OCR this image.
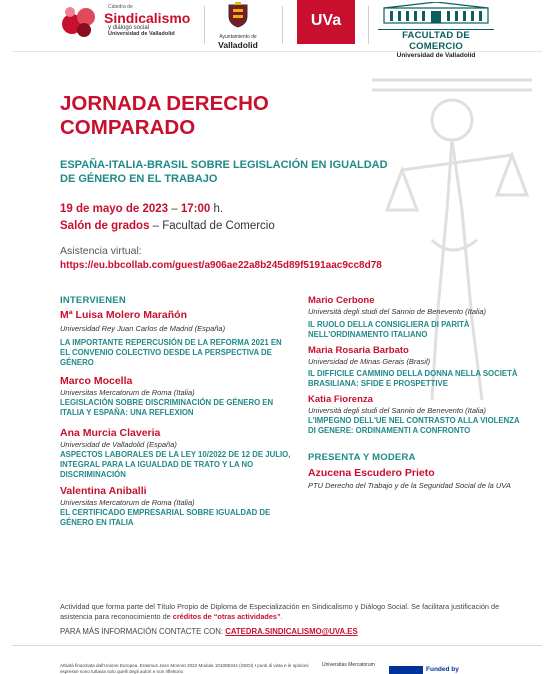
Cátedra de
Sindicalismo
y diálogo social
Universidad de Valladolid	Ayuntamiento de
Valladolid
UVa
FACULTAD DE COMERCIO
Universidad de Valladolid
JORNADA DERECHO COMPARADO
ESPAÑA-ITALIA-BRASIL SOBRE LEGISLACIÓN EN IGUALDAD DE GÉNERO EN EL TRABAJO
19 de mayo de 2023 – 17:00 h.
Salón de grados – Facultad de Comercio
Asistencia virtual:
https://eu.bbcollab.com/guest/a906ae22a8b245d89f5191aac9cc8d78
INTERVIENEN
Mª Luisa Molero Marañón
Universidad Rey Juan Carlos de Madrid (España)
LA IMPORTANTE REPERCUSIÓN DE LA REFORMA 2021 EN EL CONVENIO COLECTIVO DESDE LA PERSPECTIVA DE GÉNERO
Marco Mocella
Universitas Mercatorum de Roma (Italia)
LEGISLACIÓN SOBRE DISCRIMINACIÓN DE GÉNERO EN ITALIA Y ESPAÑA: UNA REFLEXION
Ana Murcia Claveria
Universidad de Valladolid (España)
ASPECTOS LABORALES DE LA LEY 10/2022 DE 12 DE JULIO, INTEGRAL PARA LA IGUALDAD DE TRATO Y LA NO DISCRIMINACIÓN
Valentina Aniballi
Universitas Mercatorum de Roma (Italia)
EL CERTIFICADO EMPRESARIAL SOBRE IGUALDAD DE GÉNERO EN ITALIA
Mario Cerbone
Università degli studi del Sannio de Benevento (Italia)
IL RUOLO DELLA CONSIGLIERA DI PARITÀ NELL'ORDINAMENTO ITALIANO
Maria Rosaria Barbato
Universidad de Minas Gerais (Brasil)
IL DIFFICILE CAMMINO DELLA DONNA NELLA SOCIETÀ BRASILIANA: SFIDE E PROSPETTIVE
Katia Fiorenza
Università degli studi del Sannio de Benevento (Italia)
L'IMPEGNO DELL'UE NEL CONTRASTO ALLA VIOLENZA DI GENERE: ORDINAMENTI A CONFRONTO
PRESENTA Y MODERA
Azucena Escudero Prieto
PTU Derecho del Trabajo y de la Seguridad Social de la UVA
Actividad que forma parte del Título Propio de Diploma de Especialización en Sindicalismo y Diálogo Social. Se facilitara justificación de asistencia para reconocimiento de créditos de “otras actividades”.
PARA MÁS INFORMACIÓN CONTACTE CON: CATEDRA.SINDICALISMO@UVA.ES
Attività finanziata dall'Unione Europea. Erasmus Jean Monnet 2022 Module 101085344 (GEDI) I punti di vista e le opinioni espresse sono tuttavia solo quelli degli autori e non riflettono
Universitas Mercatorum
Funded by
